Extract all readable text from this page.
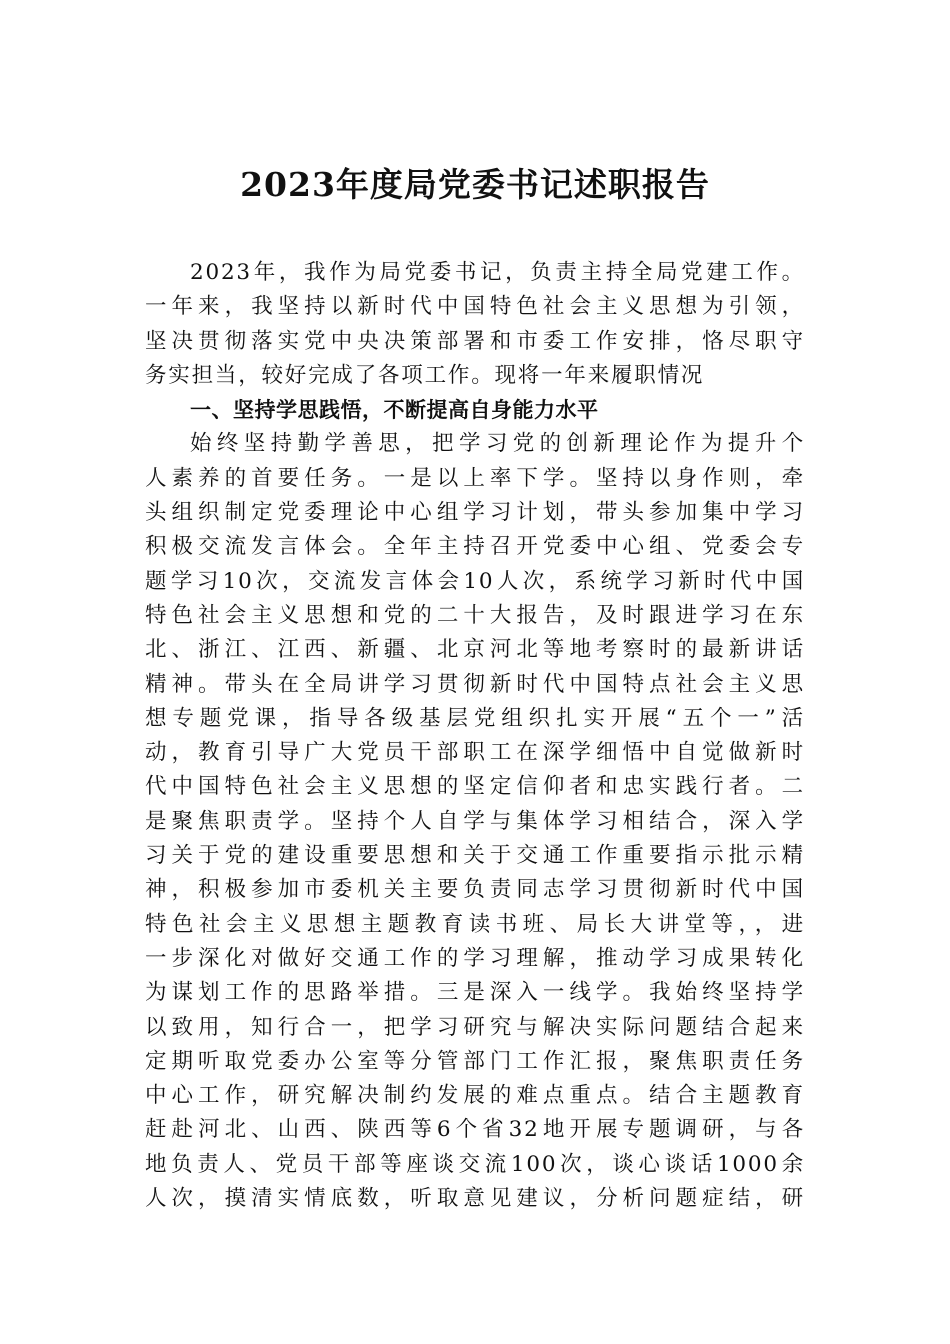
2023年度局党委书记述职报告
2023年，我作为局党委书记，负责主持全局党建工作。
一年来，我坚持以新时代中国特色社会主义思想为引领，
坚决贯彻落实党中央决策部署和市委工作安排，恪尽职守
务实担当，较好完成了各项工作。现将一年来履职情况
一、坚持学思践悟，不断提高自身能力水平
始终坚持勤学善思，把学习党的创新理论作为提升个
人素养的首要任务。一是以上率下学。坚持以身作则，牵
头组织制定党委理论中心组学习计划，带头参加集中学习
积极交流发言体会。全年主持召开党委中心组、党委会专
题学习10次，交流发言体会10人次，系统学习新时代中国
特色社会主义思想和党的二十大报告，及时跟进学习在东
北、浙江、江西、新疆、北京河北等地考察时的最新讲话
精神。带头在全局讲学习贯彻新时代中国特点社会主义思
想专题党课，指导各级基层党组织扎实开展“五个一”活
动，教育引导广大党员干部职工在深学细悟中自觉做新时
代中国特色社会主义思想的坚定信仰者和忠实践行者。二
是聚焦职责学。坚持个人自学与集体学习相结合，深入学
习关于党的建设重要思想和关于交通工作重要指示批示精
神，积极参加市委机关主要负责同志学习贯彻新时代中国
特色社会主义思想主题教育读书班、局长大讲堂等，，进
一步深化对做好交通工作的学习理解，推动学习成果转化
为谋划工作的思路举措。三是深入一线学。我始终坚持学
以致用，知行合一，把学习研究与解决实际问题结合起来
定期听取党委办公室等分管部门工作汇报，聚焦职责任务
中心工作，研究解决制约发展的难点重点。结合主题教育
赶赴河北、山西、陕西等6个省32地开展专题调研，与各
地负责人、党员干部等座谈交流100次，谈心谈话1000余
人次，摸清实情底数，听取意见建议，分析问题症结，研
